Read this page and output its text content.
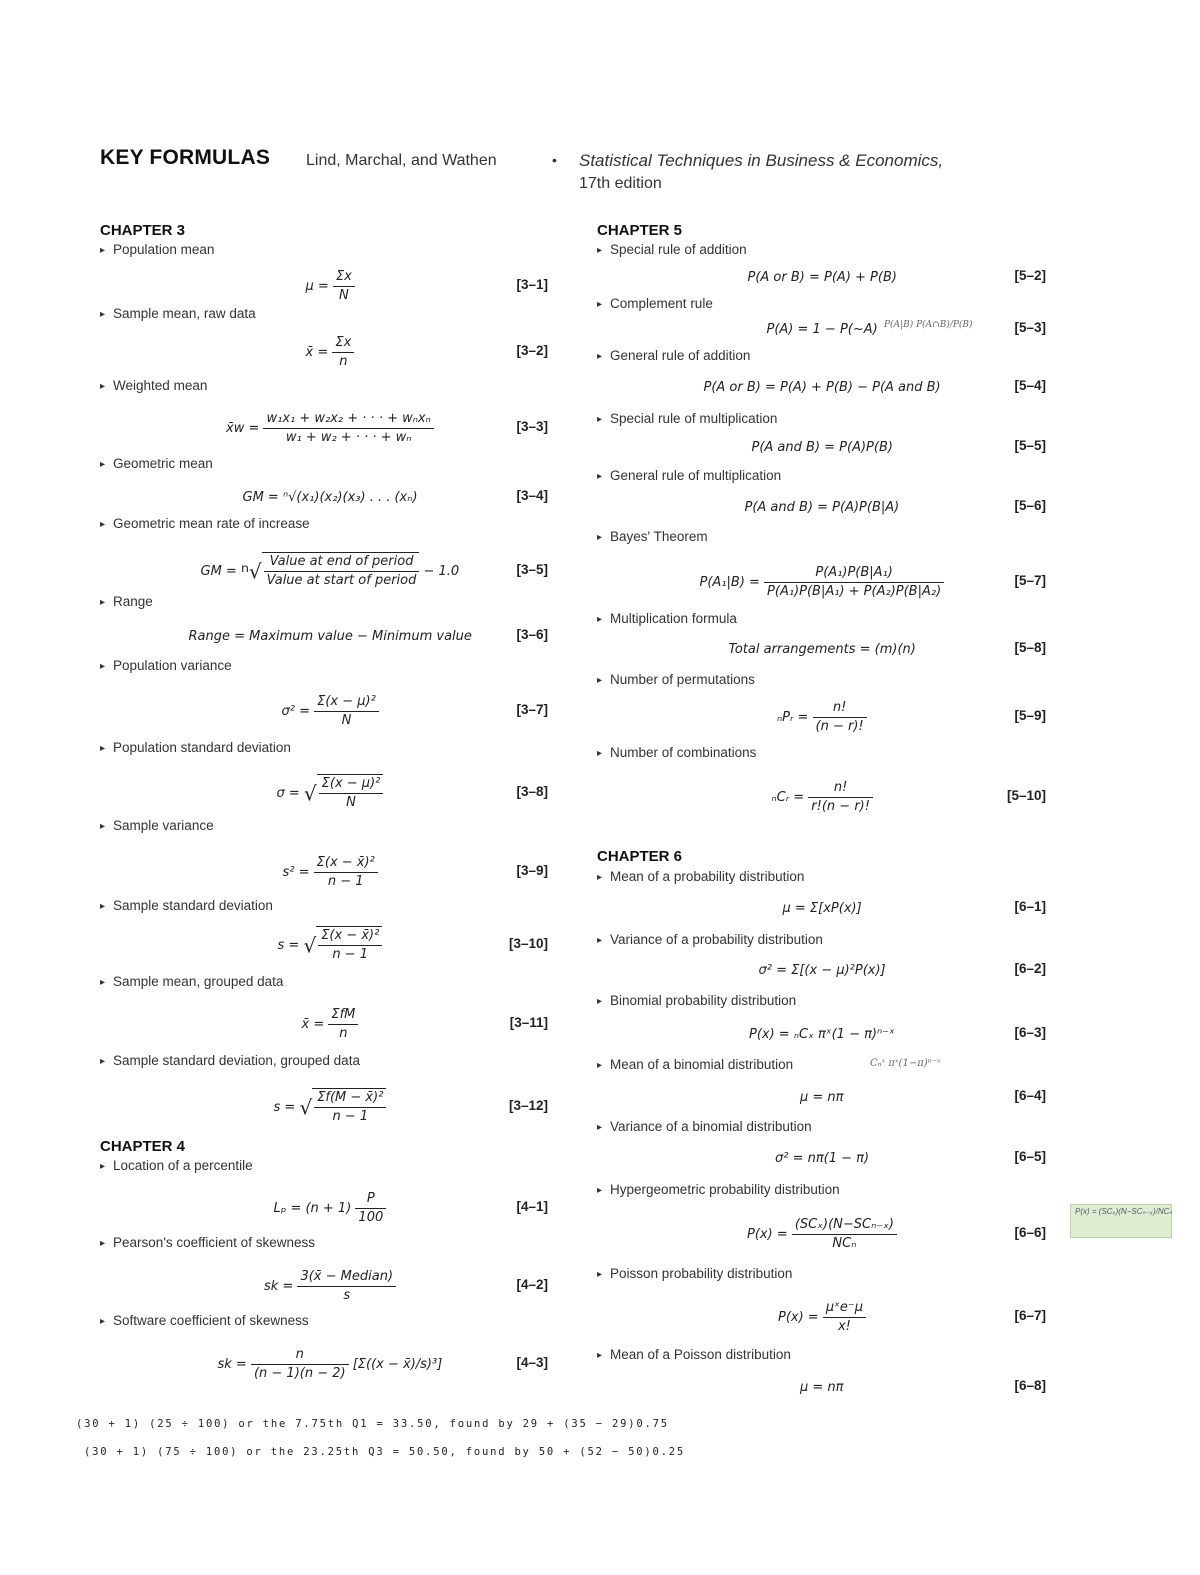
KEY FORMULAS Lind, Marchal, and Wathen	• Statistical Techniques in Business & Economics,
17th edition
CHAPTER 3
CHAPTER 4
CHAPTER 5
CHAPTER 6
▸ Population mean
$\mu = \frac{\Sigma x}{N}$	[3–1]
▸ Sample mean, raw data
x̄ = $\frac{\Sigma x}{n}$	[3–2]
▸ Weighted mean
x̄w = $\frac{\text{w₁x₁ + w₂x₂ + · · · + wₙxₙ}}{\text{w₁ + w₂ + · · · + wₙ}}$	[3–3]
▸ Geometric mean
GM = ⁿ√(x₁)(x₂)(x₃) . . . (xₙ)	[3–4]
▸ Geometric mean rate of increase
GM = $^n√ \frac{\text{Value at end of period}}{\text{Value at start of period}} - 1.0$	[3–5]
▸ Range
Range = Maximum value − Minimum value	[3–6]
▸ Population variance
$\sigma^2 = \frac{\text{Σ(x − μ)²}}{N}$	[3–7]
▸ Population standard deviation
σ = √ $\frac{\text{Σ(x − μ)²}}{N}$	[3–8]
▸ Sample variance
$s^2 = \frac{\text{Σ(x − x̄)²}}{n - 1}$	[3–9]
▸ Sample standard deviation
s = √ $\frac{\text{Σ(x − x̄)²}}{n - 1}$	[3–10]
▸ Sample mean, grouped data
x̄ = $\frac{\text{ΣfM}}{n}$	[3–11]
▸ Sample standard deviation, grouped data
s = √ $\frac{\text{Σf(M − x̄)²}}{n - 1}$	[3–12]
▸ Location of a percentile
$L_p = (n + 1) \frac{P}{100}$	[4–1]
▸ Pearson's coefficient of skewness
sk = $\frac{\text{3(x̄ − Median)}}{s}$	[4–2]
▸ Software coefficient of skewness
sk = $\frac{n}{(n - 1)(n - 2)} [\Sigma((x$ − x̄)/s)³]	[4–3]
▸ Special rule of addition
P(A or B) = P(A) + P(B)	[5–2]
▸ Complement rule
P(A) = 1 − P(~A)	[5–3]
▸ General rule of addition
P(A or B) = P(A) + P(B) − P(A and B)	[5–4]
▸ Special rule of multiplication
P(A and B) = P(A)P(B)	[5–5]
▸ General rule of multiplication
P(A and B) = P(A)P(B|A)	[5–6]
▸ Bayes' Theorem
$P(A_1|B) = \frac{\text{P(A₁)P(B|A₁)}}{\text{P(A₁)P(B|A₁) + P(A₂)P(B|A₂)}}$	[5–7]
▸ Multiplication formula
Total arrangements = (m)(n)	[5–8]
▸ Number of permutations
ₙPᵣ = $\frac{n!}{(n - r)!}$	[5–9]
▸ Number of combinations
ₙCᵣ = $\frac{n!}{r!(n - r)!}$	[5–10]
▸ Mean of a probability distribution
μ = Σ[xP(x)]	[6–1]
▸ Variance of a probability distribution
σ² = Σ[(x − μ)²P(x)]	[6–2]
▸ Binomial probability distribution
P(x) = ₙCₓ πˣ(1 − π)ⁿ⁻ˣ	[6–3]
▸ Mean of a binomial distribution
μ = nπ	[6–4]
▸ Variance of a binomial distribution
σ² = nπ(1 − π)	[6–5]
▸ Hypergeometric probability distribution
$P(x) = \frac{\text{(SCₓ)(N−SCₙ₋ₓ)}}{\text{NCₙ}}$	[6–6]
▸ Poisson probability distribution
$P(x) = \frac{\text{μˣe⁻μ}}{x!}$	[6–7]
▸ Mean of a Poisson distribution
μ = nπ	[6–8]
(30 + 1) (25 ÷ 100) or the 7.75th Q1 = 33.50, found by 29 + (35 − 29)0.75
(30 + 1) (75 ÷ 100) or the 23.25th Q3 = 50.50, found by 50 + (52 − 50)0.25
P(A|B) P(A∩B)/P(B)
Cₙˣ πˣ(1−π)ⁿ⁻ˣ
P(x) = (SCₓ)(N−SCₙ₋ₓ)/NCₙ
